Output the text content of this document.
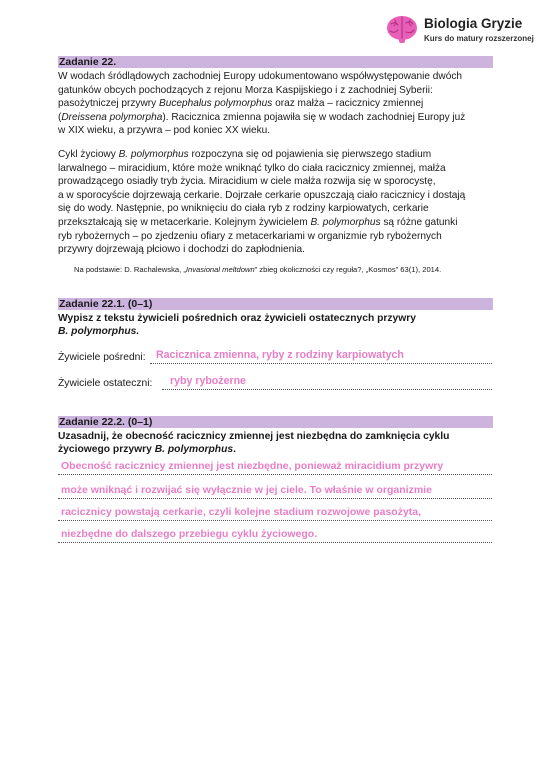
Biologia Gryzie
Kurs do matury rozszerzonej
Zadanie 22.

W wodach śródlądowych zachodniej Europy udokumentowano współwystępowanie dwóch
gatunków obcych pochodzących z rejonu Morza Kaspijskiego i z zachodniej Syberii:
pasożytniczej przywry Bucephalus polymorphus oraz małża – racicznicy zmiennej
(Dreissena polymorpha). Racicznica zmienna pojawiła się w wodach zachodniej Europy już
w XIX wieku, a przywra – pod koniec XX wieku.

Cykl życiowy B. polymorphus rozpoczyna się od pojawienia się pierwszego stadium
larwalnego – miracidium, które może wniknąć tylko do ciała racicznicy zmiennej, małża
prowadzącego osiadły tryb życia. Miracidium w ciele małża rozwija się w sporocystę,
a w sporocyście dojrzewają cerkarie. Dojrzałe cerkarie opuszczają ciało racicznicy i dostają
się do wody. Następnie, po wniknięciu do ciała ryb z rodziny karpiowatych, cerkarie
przekształcają się w metacerkarie. Kolejnym żywicielem B. polymorphus są różne gatunki
ryb rybożernych – po zjedzeniu ofiary z metacerkariami w organizmie ryb rybożernych
przywry dojrzewają płciowo i dochodzi do zapłodnienia.

Na podstawie: D. Rachalewska, „Invasional meltdown” zbieg okoliczności czy reguła?, „Kosmos” 63(1), 2014.
Zadanie 22.1. (0–1)

Wypisz z tekstu żywicieli pośrednich oraz żywicieli ostatecznych przywry
B. polymorphus.

Żywiciele pośredni: Racicznica zmienna, ryby z rodziny karpiowatych
Żywiciele ostateczni: ryby rybożerne
Zadanie 22.2. (0–1)

Uzasadnij, że obecność racicznicy zmiennej jest niezbędna do zamknięcia cyklu
życiowego przywry B. polymorphus.

Obecność racicznicy zmiennej jest niezbędne, ponieważ miracidium przywry
może wniknąć i rozwijać się wyłącznie w jej ciele. To właśnie w organizmie
racicznicy powstają cerkarie, czyli kolejne stadium rozwojowe pasożyta,
niezbędne do dalszego przebiegu cyklu życiowego.
